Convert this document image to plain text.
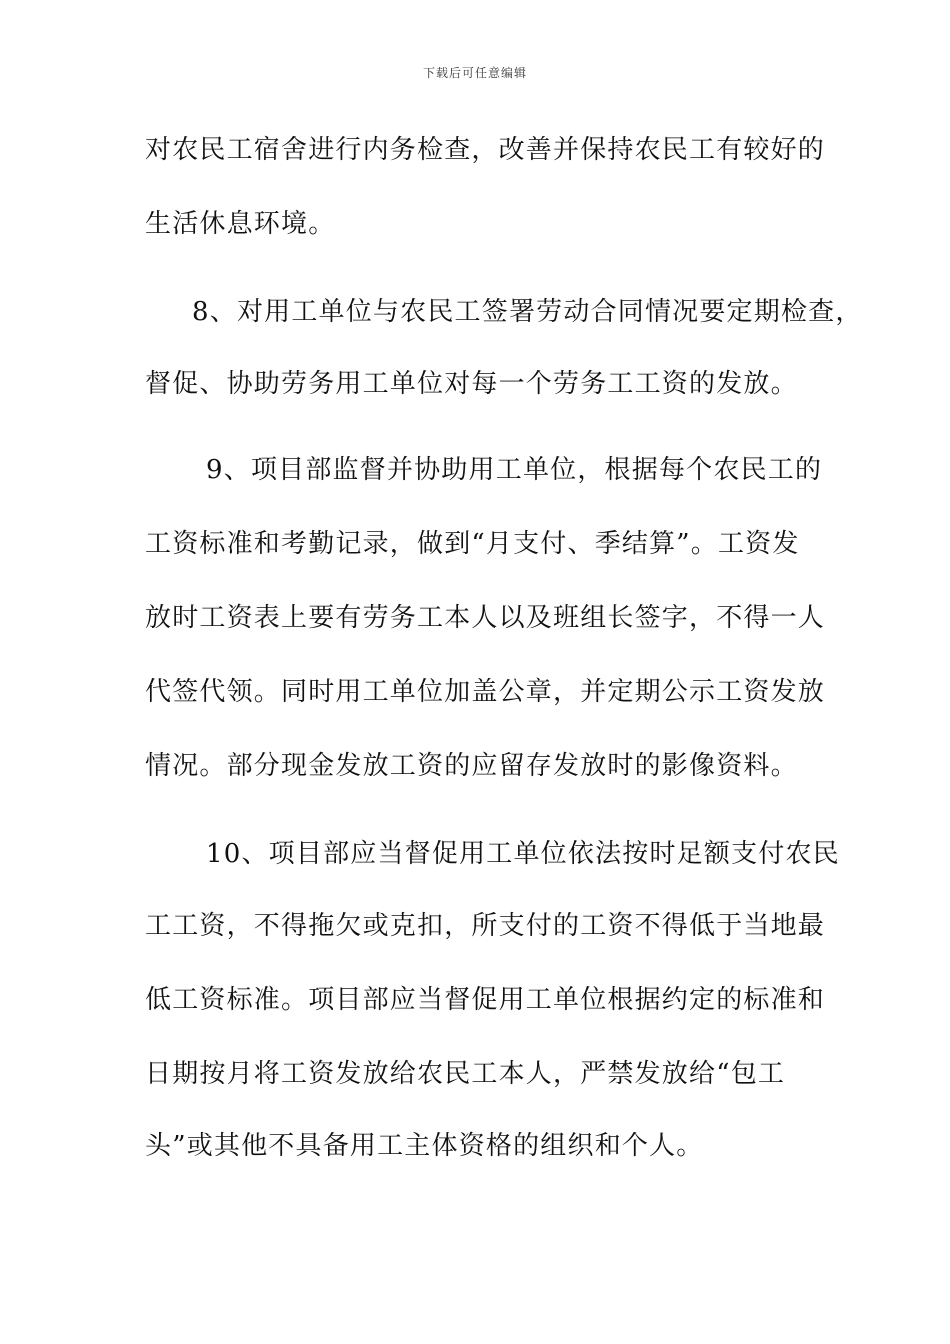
下载后可任意编辑
对农民工宿舍进行内务检查，改善并保持农民工有较好的
生活休息环境。
8、对用工单位与农民工签署劳动合同情况要定期检查，
督促、协助劳务用工单位对每一个劳务工工资的发放。
9、项目部监督并协助用工单位，根据每个农民工的
工资标准和考勤记录，做到“月支付、季结算”。工资发
放时工资表上要有劳务工本人以及班组长签字，不得一人
代签代领。同时用工单位加盖公章，并定期公示工资发放
情况。部分现金发放工资的应留存发放时的影像资料。
10、项目部应当督促用工单位依法按时足额支付农民
工工资，不得拖欠或克扣，所支付的工资不得低于当地最
低工资标准。项目部应当督促用工单位根据约定的标准和
日期按月将工资发放给农民工本人，严禁发放给“包工
头”或其他不具备用工主体资格的组织和个人。
